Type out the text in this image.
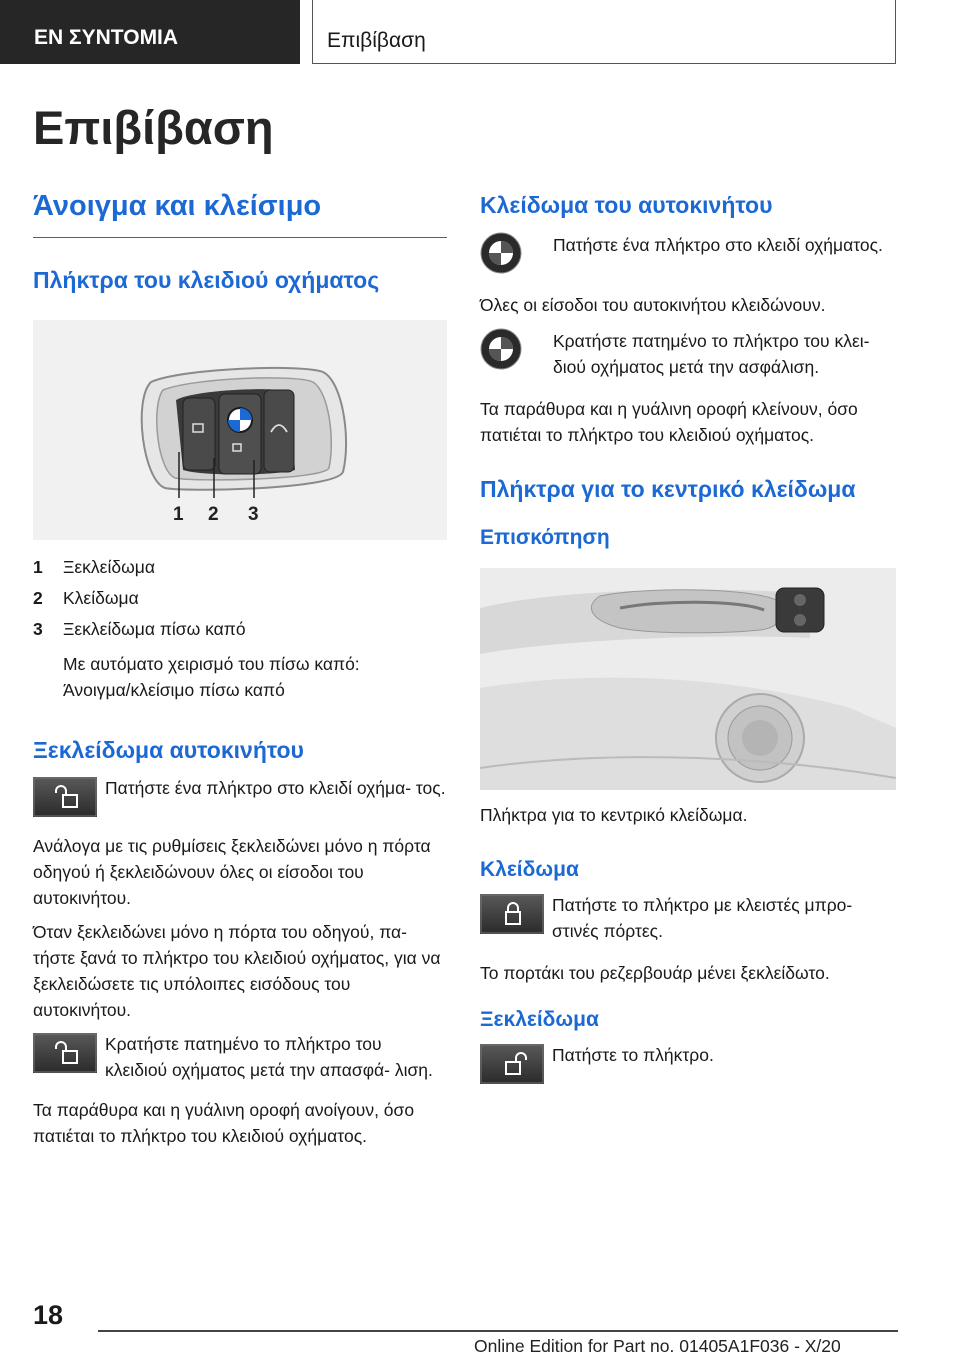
ΕΝ ΣΥΝΤΟΜΙΑ	Επιβίβαση
Επιβίβαση
Άνοιγμα και κλείσιμο
Πλήκτρα του κλειδιού οχήματος
1 2 3
1	Ξεκλείδωμα
2	Κλείδωμα
3	Ξεκλείδωμα πίσω καπό
Με αυτόματο χειρισμό του πίσω καπό:
Άνοιγμα/κλείσιμο πίσω καπό
Ξεκλείδωμα αυτοκινήτου

Πατήστε ένα πλήκτρο στο κλειδί οχήμα- τος.

Ανάλογα με τις ρυθμίσεις ξεκλειδώνει μόνο η πόρτα οδηγού ή ξεκλειδώνουν όλες οι είσοδοι του αυτοκινήτου.

Όταν ξεκλειδώνει μόνο η πόρτα του οδηγού, πα- τήστε ξανά το πλήκτρο του κλειδιού οχήματος, για να ξεκλειδώσετε τις υπόλοιπες εισόδους του αυτοκινήτου.

Κρατήστε πατημένο το πλήκτρο του κλειδιού οχήματος μετά την απασφά- λιση.

Τα παράθυρα και η γυάλινη οροφή ανοίγουν, όσο πατιέται το πλήκτρο του κλειδιού οχήματος.

Κλείδωμα του αυτοκινήτου

Πατήστε ένα πλήκτρο στο κλειδί οχήματος.

Όλες οι είσοδοι του αυτοκινήτου κλειδώνουν.

Κρατήστε πατημένο το πλήκτρο του κλει- διού οχήματος μετά την ασφάλιση.

Τα παράθυρα και η γυάλινη οροφή κλείνουν, όσο πατιέται το πλήκτρο του κλειδιού οχήματος.

Πλήκτρα για το κεντρικό κλείδωμα
Επισκόπηση

Πλήκτρα για το κεντρικό κλείδωμα.

Κλείδωμα

Πατήστε το πλήκτρο με κλειστές μπρο- στινές πόρτες.

Το πορτάκι του ρεζερβουάρ μένει ξεκλείδωτο.

Ξεκλείδωμα

Πατήστε το πλήκτρο.

18
Online Edition for Part no. 01405A1F036 - X/20
